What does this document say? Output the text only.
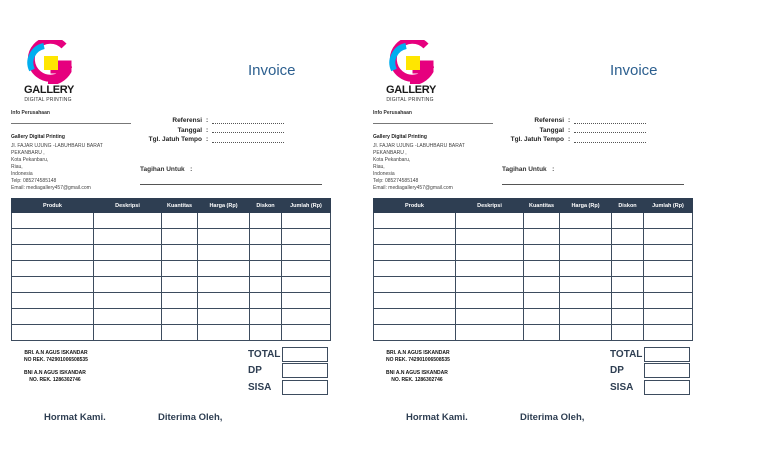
GALLERY
DIGITAL PRINTING
Invoice
Info Perusahaan
Gallery Digital Printing
Jl. FAJAR UJUNG -LABUHBARU BARAT
PEKANBARU ,
Kota Pekanbaru,
Riau,
Indonesia
Telp: 085274585148
Email: mediagallery457@gmail.com
Referensi :
Tanggal :
Tgl. Jatuh Tempo :
Tagihan Untuk :
Produk	Deskripsi	Kuantitas	Harga (Rp)	Diskon	Jumlah (Rp)

BRI. A.N AGUS ISKANDAR
NO REK. 742901006508535
BNI A.N AGUS ISKANDAR
NO. REK. 1286302746
TOTAL
DP
SISA
Hormat Kami.	Diterima Oleh,
GALLERY
DIGITAL PRINTING
Invoice
Info Perusahaan
Gallery Digital Printing
Jl. FAJAR UJUNG -LABUHBARU BARAT
PEKANBARU ,
Kota Pekanbaru,
Riau,
Indonesia
Telp: 085274585148
Email: mediagallery457@gmail.com
Referensi :
Tanggal :
Tgl. Jatuh Tempo :
Tagihan Untuk :
Produk	Deskripsi	Kuantitas	Harga (Rp)	Diskon	Jumlah (Rp)

BRI. A.N AGUS ISKANDAR
NO REK. 742901006508535
BNI A.N AGUS ISKANDAR
NO. REK. 1286302746
TOTAL
DP
SISA
Hormat Kami.	Diterima Oleh,
